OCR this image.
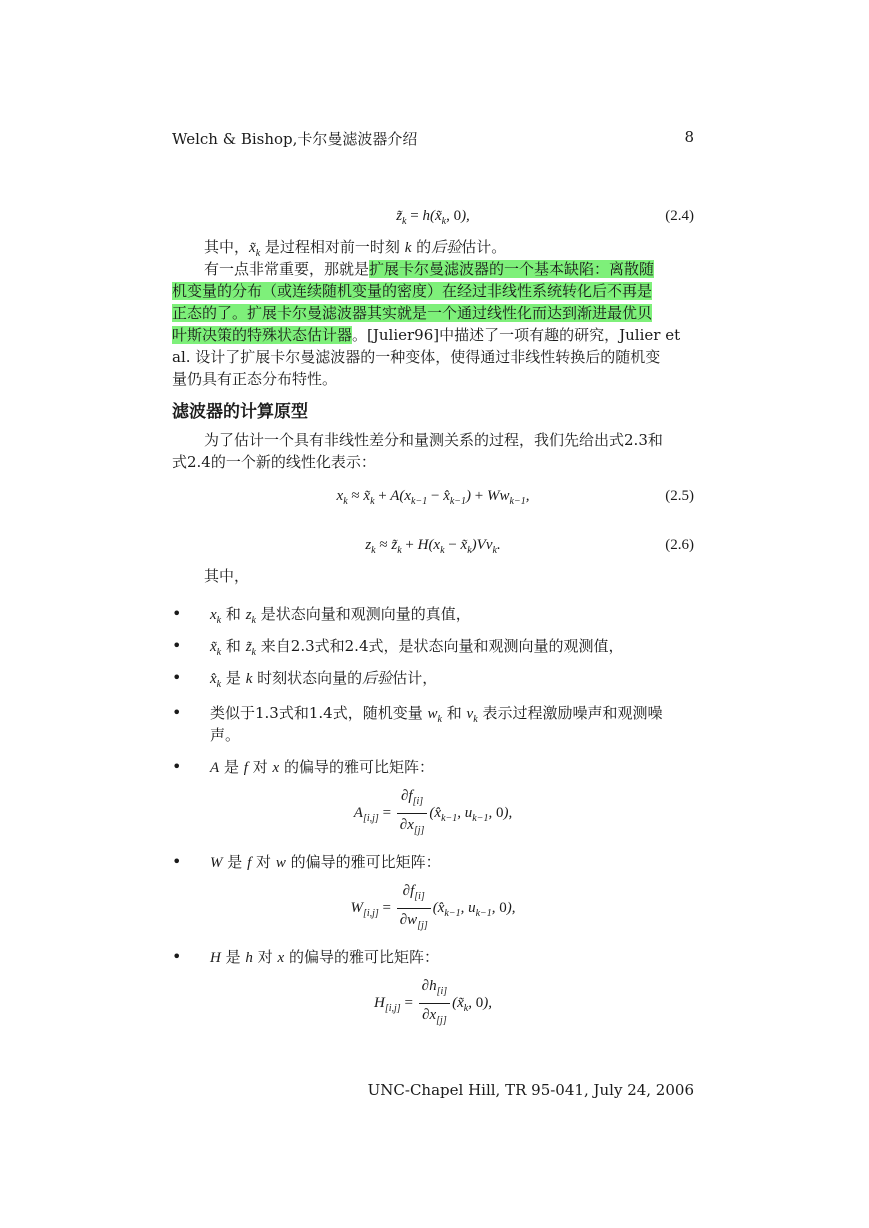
Welch & Bishop,卡尔曼滤波器介绍	8
$z̃_k$ = $h(x̃_k$, 0),	(2.4)
其中，$x̃_k$ 是过程相对前一时刻 k 的后验估计。
有一点非常重要，那就是扩展卡尔曼滤波器的一个基本缺陷：离散随
机变量的分布（或连续随机变量的密度）在经过非线性系统转化后不再是
正态的了。扩展卡尔曼滤波器其实就是一个通过线性化而达到渐进最优贝
叶斯决策的特殊状态估计器。[Julier96]中描述了一项有趣的研究，Julier et
al. 设计了扩展卡尔曼滤波器的一种变体，使得通过非线性转换后的随机变
量仍具有正态分布特性。
滤波器的计算原型
为了估计一个具有非线性差分和量测关系的过程，我们先给出式2.3和
式2.4的一个新的线性化表示：
$x_k$ ≈ $x̃_k + A(x_{k-1}$ − $x̂_{k-1}) + Ww_{k-1}$,	(2.5)
$z_k$ ≈ $z̃_k + H(x_k$ − $x̃_k)Vv_k$.	(2.6)
其中，
•	$x_k$ 和 $z_k$ 是状态向量和观测向量的真值，
•	$x̃_k$ 和 $z̃_k$ 来自2.3式和2.4式，是状态向量和观测向量的观测值，
•	$x̂_k$ 是 k 时刻状态向量的后验估计，
•	类似于1.3式和1.4式，随机变量 $w_k$ 和 $v_k$ 表示过程激励噪声和观测噪
声。
•	A 是 f 对 x 的偏导的雅可比矩阵：
$A_{[i,j]} = \frac{\partial f_{[i]}}{\partial x_{[j]}}$ ($x̂_{k-1}$, $u_{k-1}$, 0),
•	W 是 f 对 w 的偏导的雅可比矩阵：
$W_{[i,j]} = \frac{\partial f_{[i]}}{\partial w_{[j]}}$ ($x̂_{k-1}$, $u_{k-1}$, 0),
•	H 是 h 对 x 的偏导的雅可比矩阵：
$H_{[i,j]} = \frac{\partial h_{[i]}}{\partial x_{[j]}}$ ($x̃_k$, 0),
UNC-Chapel Hill, TR 95-041, July 24, 2006
